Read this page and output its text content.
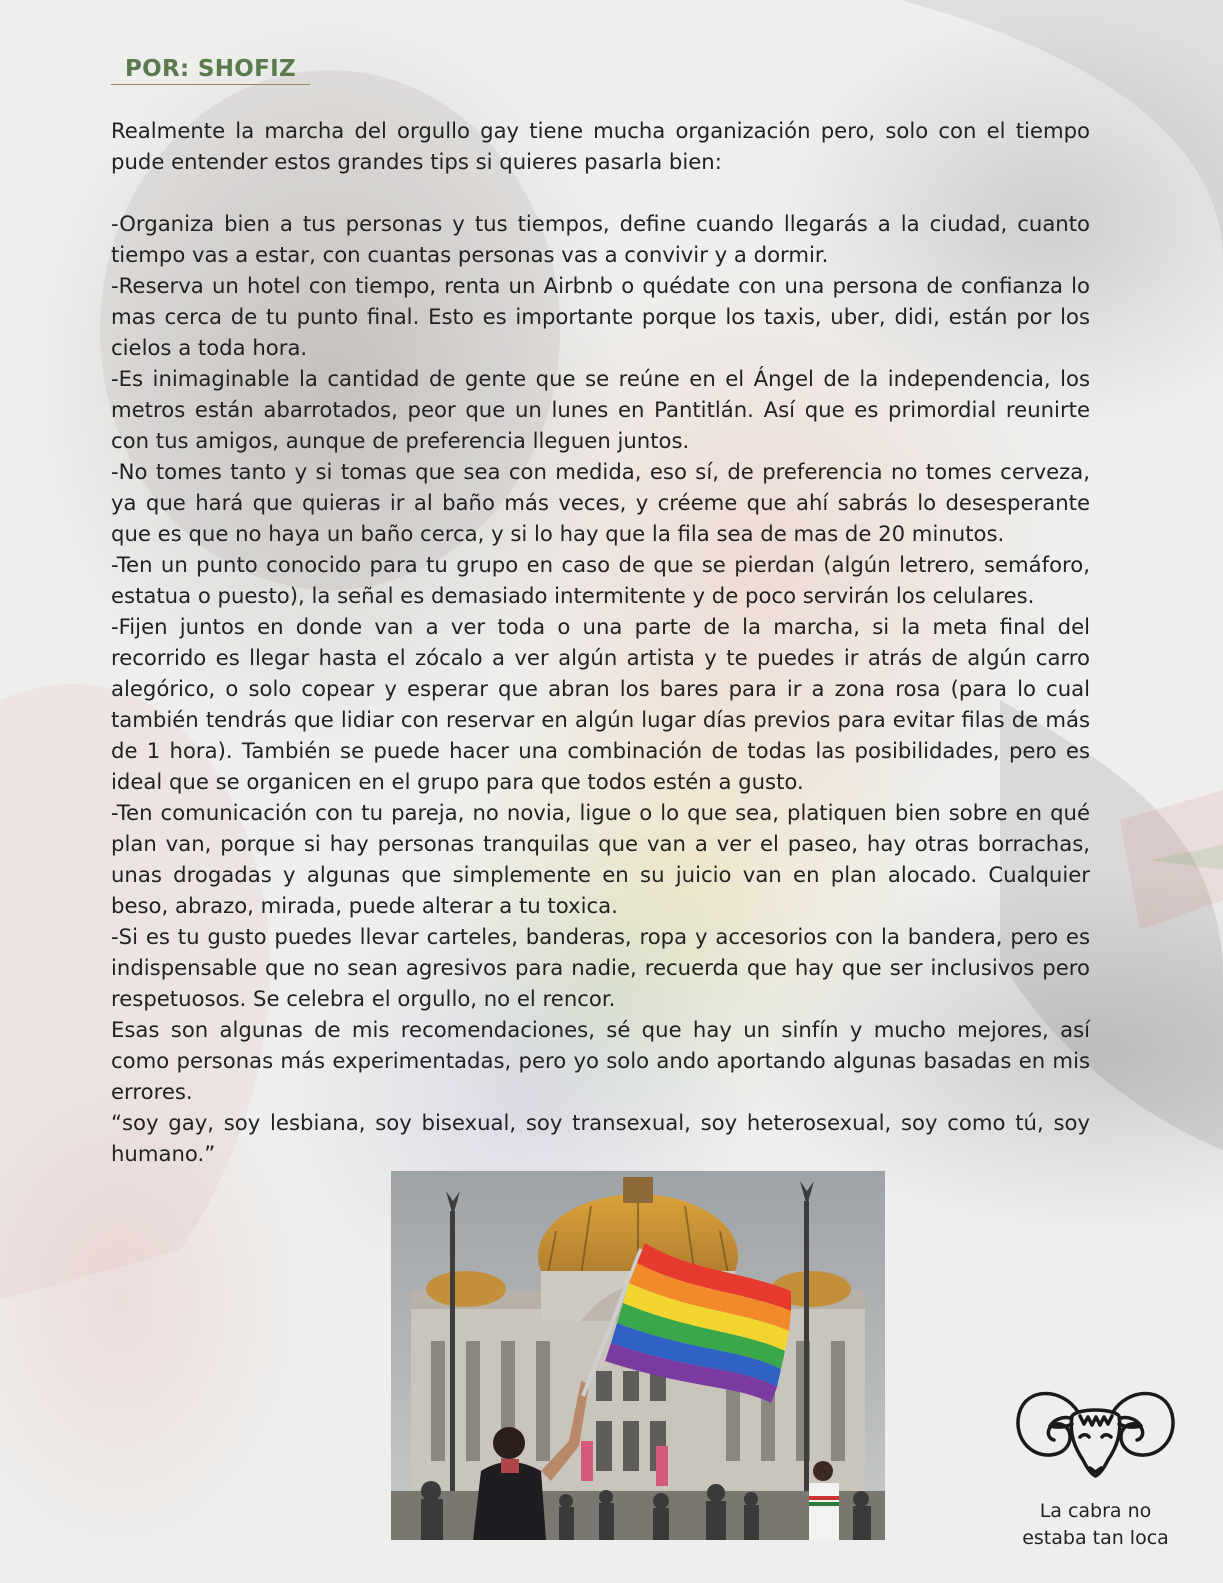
POR: SHOFIZ

Realmente la marcha del orgullo gay tiene mucha organización pero, solo con el tiempo pude entender estos grandes tips si quieres pasarla bien:

-Organiza bien a tus personas y tus tiempos, define cuando llegarás a la ciudad, cuanto tiempo vas a estar, con cuantas personas vas a convivir y a dormir.

-Reserva un hotel con tiempo, renta un Airbnb o quédate con una persona de confianza lo mas cerca de tu punto final. Esto es importante porque los taxis, uber, didi, están por los cielos a toda hora.

-Es inimaginable la cantidad de gente que se reúne en el Ángel de la independencia, los metros están abarrotados, peor que un lunes en Pantitlán. Así que es primordial reunirte con tus amigos, aunque de preferencia lleguen juntos.

-No tomes tanto y si tomas que sea con medida, eso sí, de preferencia no tomes cerveza, ya que hará que quieras ir al baño más veces, y créeme que ahí sabrás lo desesperante que es que no haya un baño cerca, y si lo hay que la fila sea de mas de 20 minutos.

-Ten un punto conocido para tu grupo en caso de que se pierdan (algún letrero, semáforo, estatua o puesto), la señal es demasiado intermitente y de poco servirán los celulares.

-Fijen juntos en donde van a ver toda o una parte de la marcha, si la meta final del recorrido es llegar hasta el zócalo a ver algún artista y te puedes ir atrás de algún carro alegórico, o solo copear y esperar que abran los bares para ir a zona rosa (para lo cual también tendrás que lidiar con reservar en algún lugar días previos para evitar filas de más de 1 hora). También se puede hacer una combinación de todas las posibilidades, pero es ideal que se organicen en el grupo para que todos estén a gusto.

-Ten comunicación con tu pareja, no novia, ligue o lo que sea, platiquen bien sobre en qué plan van, porque si hay personas tranquilas que van a ver el paseo, hay otras borrachas, unas drogadas y algunas que simplemente en su juicio van en plan alocado. Cualquier beso, abrazo, mirada, puede alterar a tu toxica.

-Si es tu gusto puedes llevar carteles, banderas, ropa y accesorios con la bandera, pero es indispensable que no sean agresivos para nadie, recuerda que hay que ser inclusivos pero respetuosos. Se celebra el orgullo, no el rencor.

Esas son algunas de mis recomendaciones, sé que hay un sinfín y mucho mejores, así como personas más experimentadas, pero yo solo ando aportando algunas basadas en mis errores.

“soy gay, soy lesbiana, soy bisexual, soy transexual, soy heterosexual, soy como tú, soy humano.”

La cabra no
estaba tan loca
